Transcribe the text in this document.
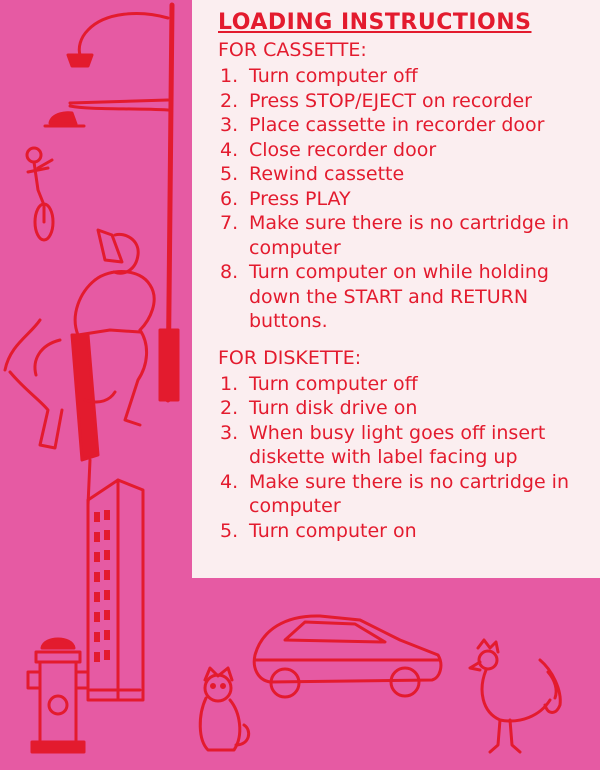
LOADING INSTRUCTIONS
FOR CASSETTE:
1. Turn computer off
2. Press STOP/EJECT on recorder
3. Place cassette in recorder door
4. Close recorder door
5. Rewind cassette
6. Press PLAY
7. Make sure there is no cartridge in computer
8. Turn computer on while holding down the START and RETURN buttons.
FOR DISKETTE:
1. Turn computer off
2. Turn disk drive on
3. When busy light goes off insert diskette with label facing up
4. Make sure there is no cartridge in computer
5. Turn computer on
